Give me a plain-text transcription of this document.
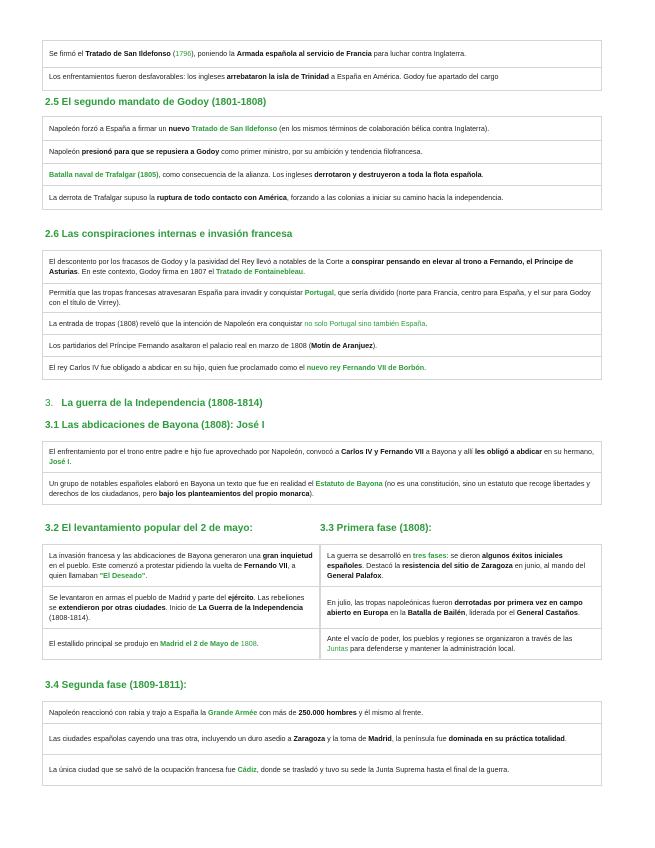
Se firmó el Tratado de San Ildefonso (1796), poniendo la Armada española al servicio de Francia para luchar contra Inglaterra.
Los enfrentamientos fueron desfavorables: los ingleses arrebataron la isla de Trinidad a España en América. Godoy fue apartado del cargo
2.5 El segundo mandato de Godoy (1801-1808)
Napoleón forzó a España a firmar un nuevo Tratado de San Ildefonso (en los mismos términos de colaboración bélica contra Inglaterra).
Napoleón presionó para que se repusiera a Godoy como primer ministro, por su ambición y tendencia filofrancesa.
Batalla naval de Trafalgar (1805), como consecuencia de la alianza. Los ingleses derrotaron y destruyeron a toda la flota española.
La derrota de Trafalgar supuso la ruptura de todo contacto con América, forzando a las colonias a iniciar su camino hacia la independencia.
2.6 Las conspiraciones internas e invasión francesa
El descontento por los fracasos de Godoy y la pasividad del Rey llevó a notables de la Corte a conspirar pensando en elevar al trono a Fernando, el Príncipe de Asturias. En este contexto, Godoy firma en 1807 el Tratado de Fontainebleau.
Permitía que las tropas francesas atravesaran España para invadir y conquistar Portugal, que sería dividido (norte para Francia, centro para España, y el sur para Godoy con el título de Virrey).
La entrada de tropas (1808) reveló que la intención de Napoleón era conquistar no solo Portugal sino también España.
Los partidarios del Príncipe Fernando asaltaron el palacio real en marzo de 1808 (Motín de Aranjuez).
El rey Carlos IV fue obligado a abdicar en su hijo, quien fue proclamado como el nuevo rey Fernando VII de Borbón.
3. La guerra de la Independencia (1808-1814)
3.1 Las abdicaciones de Bayona (1808): José I
El enfrentamiento por el trono entre padre e hijo fue aprovechado por Napoleón, convocó a Carlos IV y Fernando VII a Bayona y allí les obligó a abdicar en su hermano, José I.
Un grupo de notables españoles elaboró en Bayona un texto que fue en realidad el Estatuto de Bayona (no es una constitución, sino un estatuto que recoge libertades y derechos de los ciudadanos, pero bajo los planteamientos del propio monarca).
3.2 El levantamiento popular del 2 de mayo:
La invasión francesa y las abdicaciones de Bayona generaron una gran inquietud en el pueblo. Este comenzó a protestar pidiendo la vuelta de Fernando VII, a quien llamaban "El Deseado".
Se levantaron en armas el pueblo de Madrid y parte del ejército. Las rebeliones se extendieron por otras ciudades. Inicio de La Guerra de la Independencia (1808-1814).
El estallido principal se produjo en Madrid el 2 de Mayo de 1808.
3.3 Primera fase (1808):
La guerra se desarrolló en tres fases: se dieron algunos éxitos iniciales españoles. Destacó la resistencia del sitio de Zaragoza en junio, al mando del General Palafox.
En julio, las tropas napoleónicas fueron derrotadas por primera vez en campo abierto en Europa en la Batalla de Bailén, liderada por el General Castaños.
Ante el vacío de poder, los pueblos y regiones se organizaron a través de las Juntas para defenderse y mantener la administración local.
3.4 Segunda fase (1809-1811):
Napoleón reaccionó con rabia y trajo a España la Grande Armée con más de 250.000 hombres y él mismo al frente.
Las ciudades españolas cayendo una tras otra, incluyendo un duro asedio a Zaragoza y la toma de Madrid, la península fue dominada en su práctica totalidad.
La única ciudad que se salvó de la ocupación francesa fue Cádiz, donde se trasladó y tuvo su sede la Junta Suprema hasta el final de la guerra.
